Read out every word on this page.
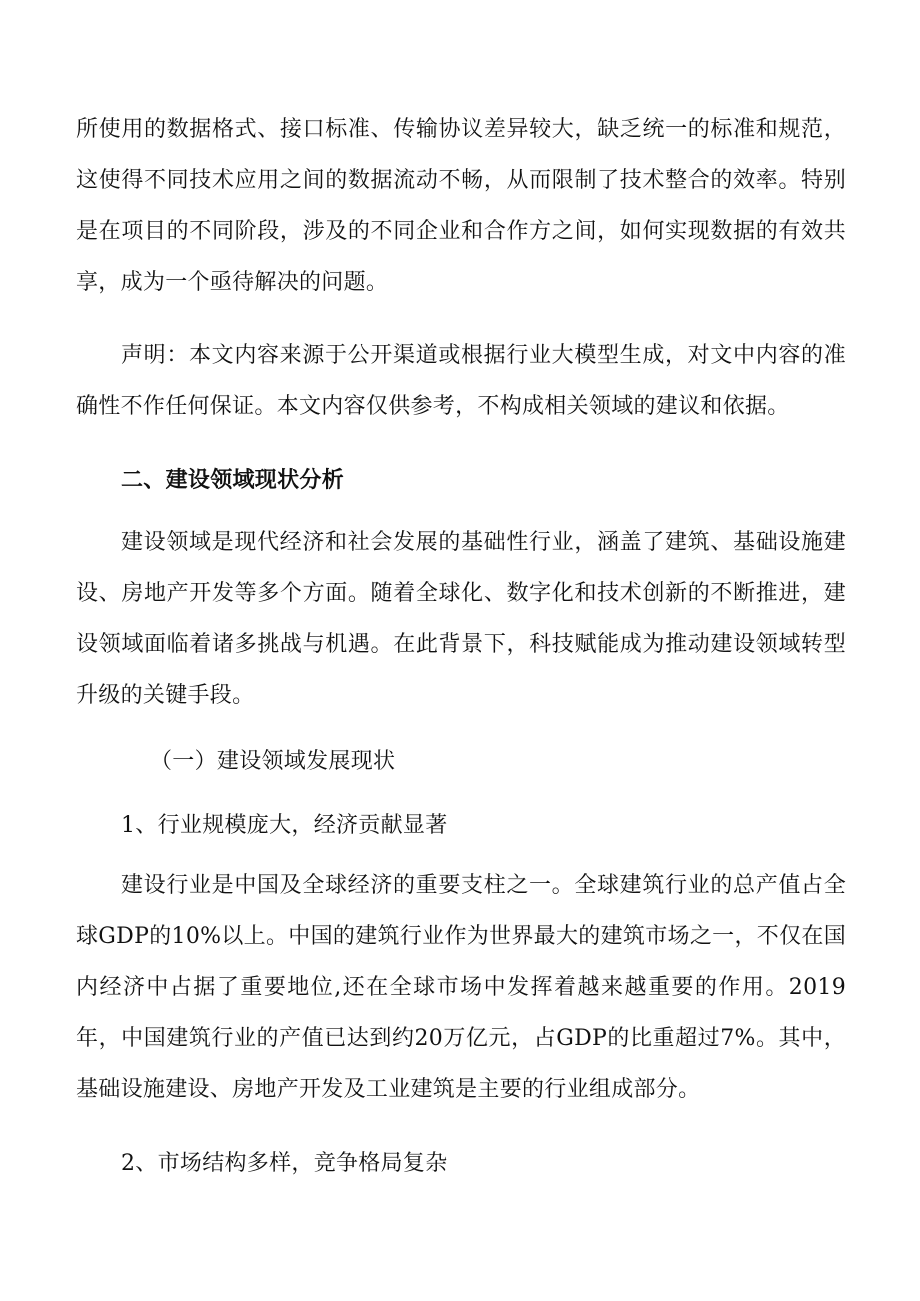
所使用的数据格式、接口标准、传输协议差异较大，缺乏统一的标准和规范，这使得不同技术应用之间的数据流动不畅，从而限制了技术整合的效率。特别是在项目的不同阶段，涉及的不同企业和合作方之间，如何实现数据的有效共享，成为一个亟待解决的问题。

声明：本文内容来源于公开渠道或根据行业大模型生成，对文中内容的准确性不作任何保证。本文内容仅供参考，不构成相关领域的建议和依据。

二、建设领域现状分析

建设领域是现代经济和社会发展的基础性行业，涵盖了建筑、基础设施建设、房地产开发等多个方面。随着全球化、数字化和技术创新的不断推进，建设领域面临着诸多挑战与机遇。在此背景下，科技赋能成为推动建设领域转型升级的关键手段。

（一）建设领域发展现状

1、行业规模庞大，经济贡献显著

建设行业是中国及全球经济的重要支柱之一。全球建筑行业的总产值占全球GDP的10%以上。中国的建筑行业作为世界最大的建筑市场之一，不仅在国内经济中占据了重要地位,还在全球市场中发挥着越来越重要的作用。2019年，中国建筑行业的产值已达到约20万亿元，占GDP的比重超过7%。其中，基础设施建设、房地产开发及工业建筑是主要的行业组成部分。

2、市场结构多样，竞争格局复杂
